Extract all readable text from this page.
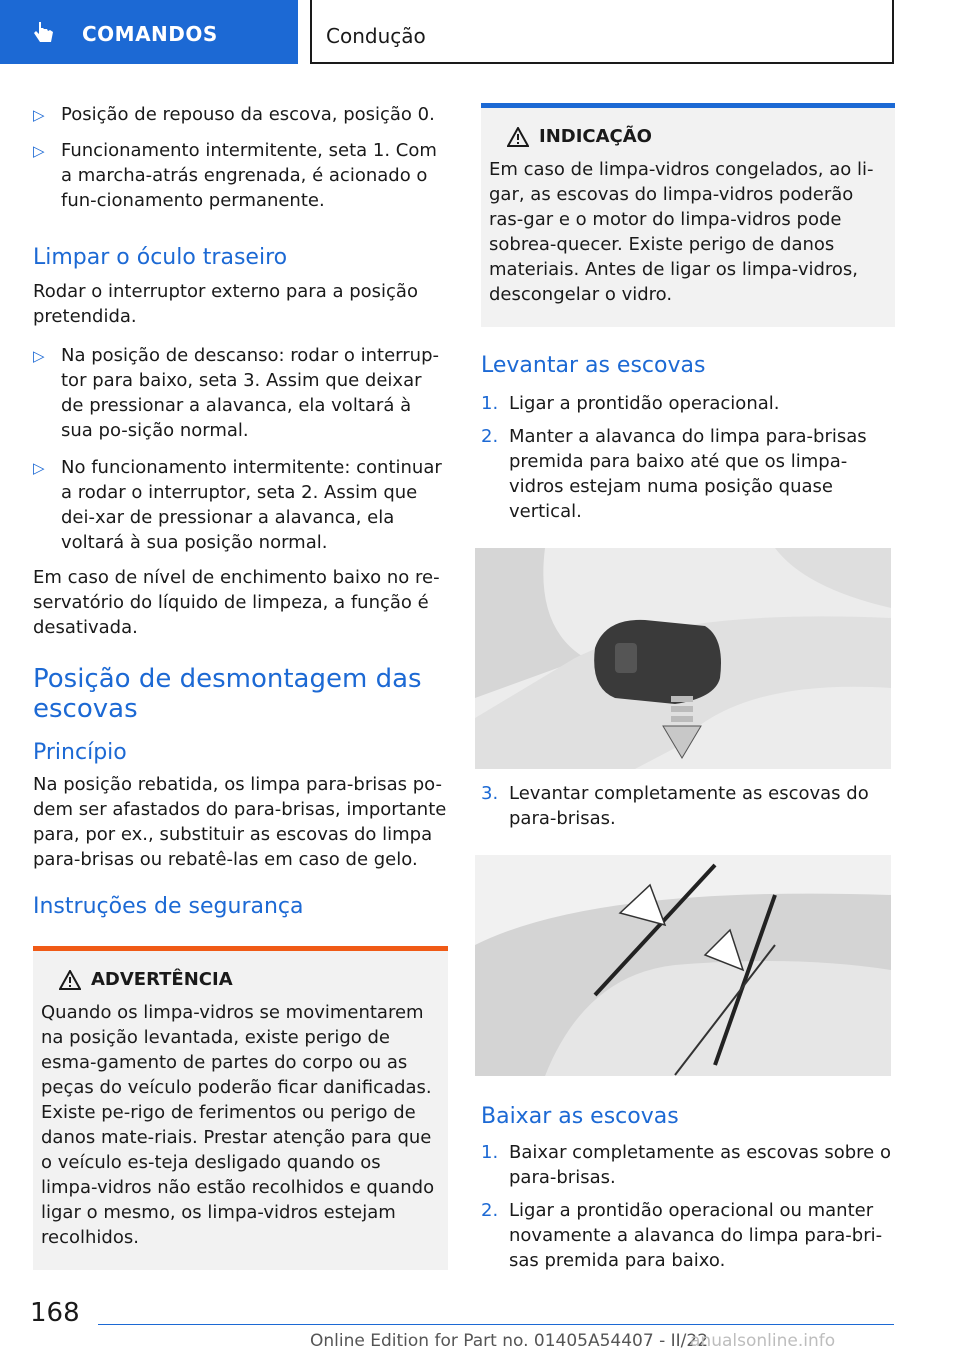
COMANDOS	Condução
▷ Posição de repouso da escova, posição 0.
▷ Funcionamento intermitente, seta 1. Com a marcha-atrás engrenada, é acionado o fun-cionamento permanente.
Limpar o óculo traseiro

Rodar o interruptor externo para a posição pretendida.

▷ Na posição de descanso: rodar o interrup-tor para baixo, seta 3. Assim que deixar de pressionar a alavanca, ela voltará à sua po-sição normal.
▷ No funcionamento intermitente: continuar a rodar o interruptor, seta 2. Assim que dei-xar de pressionar a alavanca, ela voltará à sua posição normal.

Em caso de nível de enchimento baixo no re-servatório do líquido de limpeza, a função é desativada.

Posição de desmontagem das escovas
Princípio

Na posição rebatida, os limpa para-brisas po-dem ser afastados do para-brisas, importante para, por ex., substituir as escovas do limpa para-brisas ou rebatê-las em caso de gelo.

Instruções de segurança
ADVERTÊNCIA

Quando os limpa-vidros se movimentarem na posição levantada, existe perigo de esma-gamento de partes do corpo ou as peças do veículo poderão ficar danificadas. Existe pe-rigo de ferimentos ou perigo de danos mate-riais. Prestar atenção para que o veículo es-teja desligado quando os limpa-vidros não estão recolhidos e quando ligar o mesmo, os limpa-vidros estejam recolhidos.

INDICAÇÃO

Em caso de limpa-vidros congelados, ao li-gar, as escovas do limpa-vidros poderão ras-gar e o motor do limpa-vidros pode sobrea-quecer. Existe perigo de danos materiais. Antes de ligar os limpa-vidros, descongelar o vidro.

Levantar as escovas
1. Ligar a prontidão operacional.
2. Manter a alavanca do limpa para-brisas premida para baixo até que os limpa-vidros estejam numa posição quase vertical.
3. Levantar completamente as escovas do para-brisas.
Baixar as escovas
1. Baixar completamente as escovas sobre o para-brisas.
2. Ligar a prontidão operacional ou manter novamente a alavanca do limpa para-bri-sas premida para baixo.
168
Online Edition for Part no. 01405A54407 - II/22
anualsonline.info
